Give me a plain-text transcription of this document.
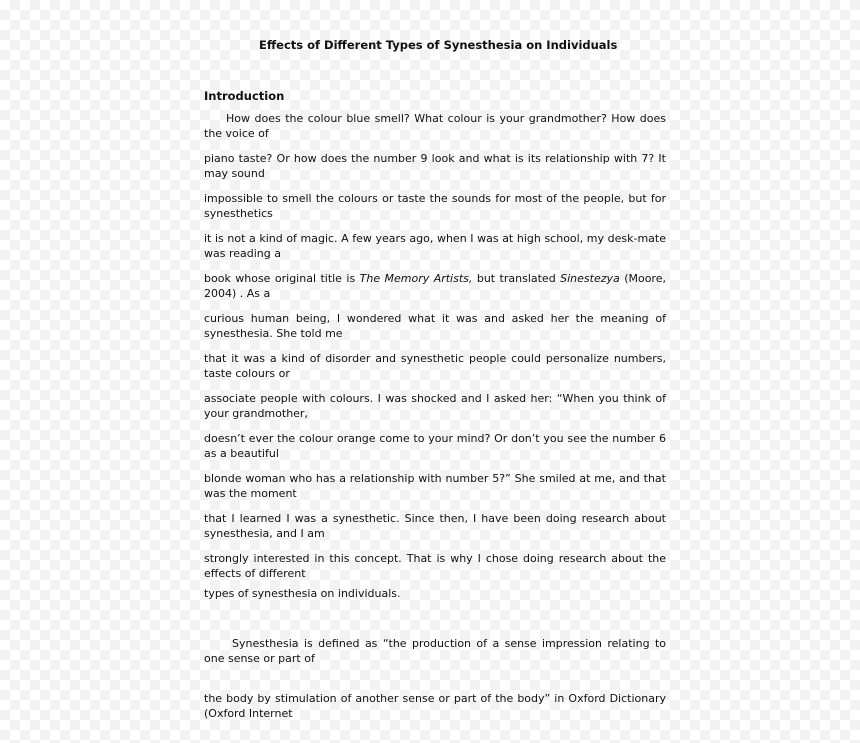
Effects of Different Types of Synesthesia on Individuals
Introduction
How does the colour blue smell? What colour is your grandmother? How does the voice of
piano taste? Or how does the number 9 look and what is its relationship with 7? It may sound
impossible to smell the colours or taste the sounds for most of the people, but for synesthetics
it is not a kind of magic. A few years ago, when I was at high school, my desk-mate was reading a
book whose original title is The Memory Artists, but translated Sinestezya (Moore, 2004) . As a
curious human being, I wondered what it was and asked her the meaning of synesthesia. She told me
that it was a kind of disorder and synesthetic people could personalize numbers, taste colours or
associate people with colours. I was shocked and I asked her: “When you think of your grandmother,
doesn’t ever the colour orange come to your mind? Or don’t you see the number 6 as a beautiful
blonde woman who has a relationship with number 5?” She smiled at me, and that was the moment
that I learned I was a synesthetic. Since then, I have been doing research about synesthesia, and I am
strongly interested in this concept. That is why I chose doing research about the effects of different
types of synesthesia on individuals.
Synesthesia is defined as “the production of a sense impression relating to one sense or part of
the body by stimulation of another sense or part of the body” in Oxford Dictionary (Oxford Internet
